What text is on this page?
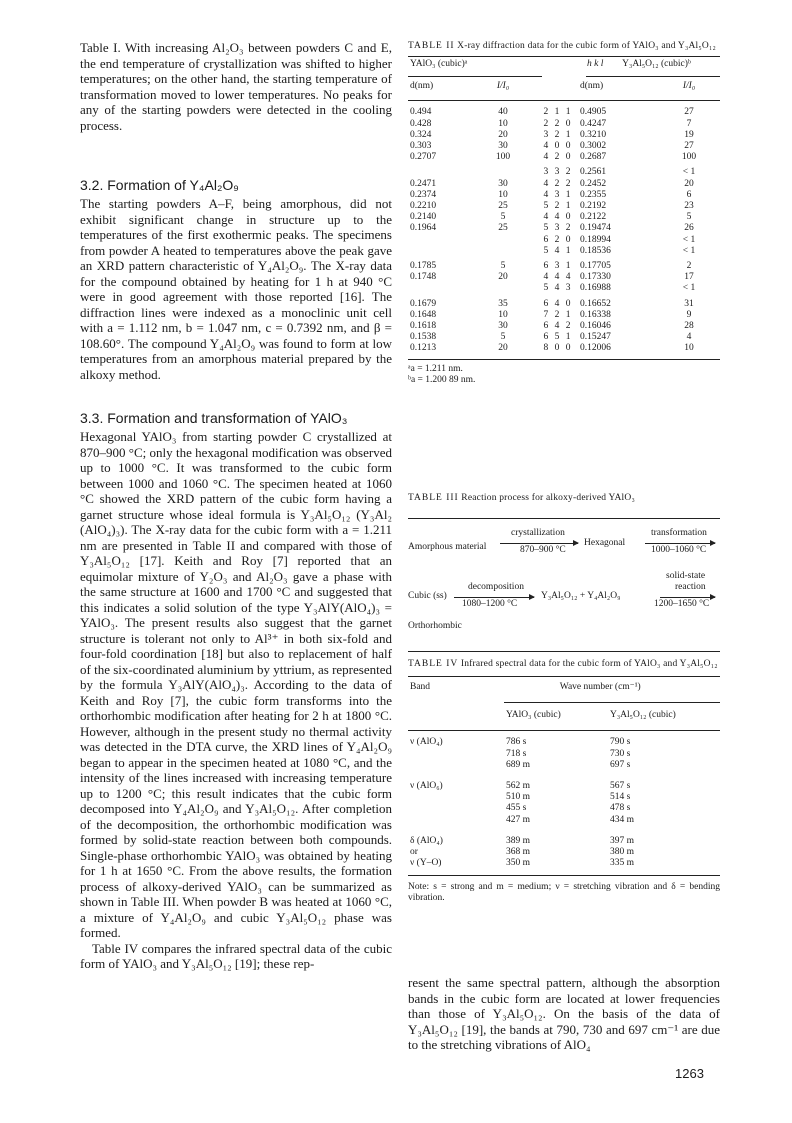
Table I. With increasing Al₂O₃ between powders C and E, the end temperature of crystallization was shifted to higher temperatures; on the other hand, the starting temperature of transformation moved to lower temperatures. No peaks for any of the starting powders were detected in the cooling process.

3.2. Formation of Y₄Al₂O₉

The starting powders A–F, being amorphous, did not exhibit significant change in structure up to the temperatures of the first exothermic peaks. The specimens from powder A heated to temperatures above the peak gave an XRD pattern characteristic of Y₄Al₂O₉. The X-ray data for the compound obtained by heating for 1 h at 940 °C were in good agreement with those reported [16]. The diffraction lines were indexed as a monoclinic unit cell with a = 1.112 nm, b = 1.047 nm, c = 0.7392 nm, and β = 108.60°. The compound Y₄Al₂O₉ was found to form at low temperatures from an amorphous material prepared by the alkoxy method.

3.3. Formation and transformation of YAlO₃

Hexagonal YAlO₃ from starting powder C crystallized at 870–900 °C; only the hexagonal modification was observed up to 1000 °C. It was transformed to the cubic form between 1000 and 1060 °C. The specimen heated at 1060 °C showed the XRD pattern of the cubic form having a garnet structure whose ideal formula is Y₃Al₅O₁₂ (Y₃Al₂ (AlO₄)₃). The X-ray data for the cubic form with a = 1.211 nm are presented in Table II and compared with those of Y₃Al₅O₁₂ [17]. Keith and Roy [7] reported that an equimolar mixture of Y₂O₃ and Al₂O₃ gave a phase with the same structure at 1600 and 1700 °C and suggested that this indicates a solid solution of the type Y₃AlY(AlO₄)₃ = YAlO₃. The present results also suggest that the garnet structure is tolerant not only to Al³⁺ in both six-fold and four-fold coordination [18] but also to replacement of half of the six-coordinated aluminium by yttrium, as represented by the formula Y₃AlY(AlO₄)₃. According to the data of Keith and Roy [7], the cubic form transforms into the orthorhombic modification after heating for 2 h at 1800 °C. However, although in the present study no thermal activity was detected in the DTA curve, the XRD lines of Y₄Al₂O₉ began to appear in the specimen heated at 1080 °C, and the intensity of the lines increased with increasing temperature up to 1200 °C; this result indicates that the cubic form decomposed into Y₄Al₂O₉ and Y₃Al₅O₁₂. After completion of the decomposition, the orthorhombic modification was formed by solid-state reaction between both compounds. Single-phase orthorhombic YAlO₃ was obtained by heating for 1 h at 1650 °C. From the above results, the formation process of alkoxy-derived YAlO₃ can be summarized as shown in Table III. When powder B was heated at 1060 °C, a mixture of Y₄Al₂O₉ and cubic Y₃Al₅O₁₂ phase was formed.

Table IV compares the infrared spectral data of the cubic form of YAlO₃ and Y₃Al₅O₁₂ [19]; these rep-

TABLE II X-ray diffraction data for the cubic form of YAlO₃ and Y₃Al₅O₁₂

YAlO₃ (cubic)ᵃ	h k l	Y₃Al₅O₁₂ (cubic)ᵇ
d(nm)	I/I₀		d(nm)	I/I₀
0.494	40	2 1 1	0.4905	27
0.428	10	2 2 0	0.4247	7
0.324	20	3 2 1	0.3210	19
0.303	30	4 0 0	0.3002	27
0.2707	100	4 2 0	0.2687	100

		3 3 2	0.2561	< 1
0.2471	30	4 2 2	0.2452	20
0.2374	10	4 3 1	0.2355	6
0.2210	25	5 2 1	0.2192	23
0.2140	5	4 4 0	0.2122	5
0.1964	25	5 3 2	0.19474	26
		6 2 0	0.18994	< 1
		5 4 1	0.18536	< 1

0.1785	5	6 3 1	0.17705	2
0.1748	20	4 4 4	0.17330	17
		5 4 3	0.16988	< 1

0.1679	35	6 4 0	0.16652	31
0.1648	10	7 2 1	0.16338	9
0.1618	30	6 4 2	0.16046	28
0.1538	5	6 5 1	0.15247	4
0.1213	20	8 0 0	0.12006	10

ᵃa = 1.211 nm.

ᵇa = 1.200 89 nm.

TABLE III Reaction process for alkoxy-derived YAlO₃

Amorphous material
crystallization
870–900 °C
Hexagonal
transformation
1000–1060 °C
solid-state
Cubic (ss)
decomposition
1080–1200 °C
Y₃Al₅O₁₂ + Y₄Al₂O₉
reaction
1200–1650 °C
Orthorhombic

TABLE IV Infrared spectral data for the cubic form of YAlO₃ and Y₃Al₅O₁₂

Band	Wave number (cm⁻¹)
	YAlO₃ (cubic)	Y₃Al₅O₁₂ (cubic)
ν (AlO₄)	786 s	790 s
	718 s	730 s
	689 m	697 s

ν (AlO₆)	562 m	567 s
	510 m	514 s
	455 s	478 s
	427 m	434 m

δ (AlO₄)	389 m	397 m
or	368 m	380 m
ν (Y–O)	350 m	335 m

Note: s = strong and m = medium; ν = stretching vibration and δ = bending vibration.

resent the same spectral pattern, although the absorption bands in the cubic form are located at lower frequencies than those of Y₃Al₅O₁₂. On the basis of the data of Y₃Al₅O₁₂ [19], the bands at 790, 730 and 697 cm⁻¹ are due to the stretching vibrations of AlO₄

1263
